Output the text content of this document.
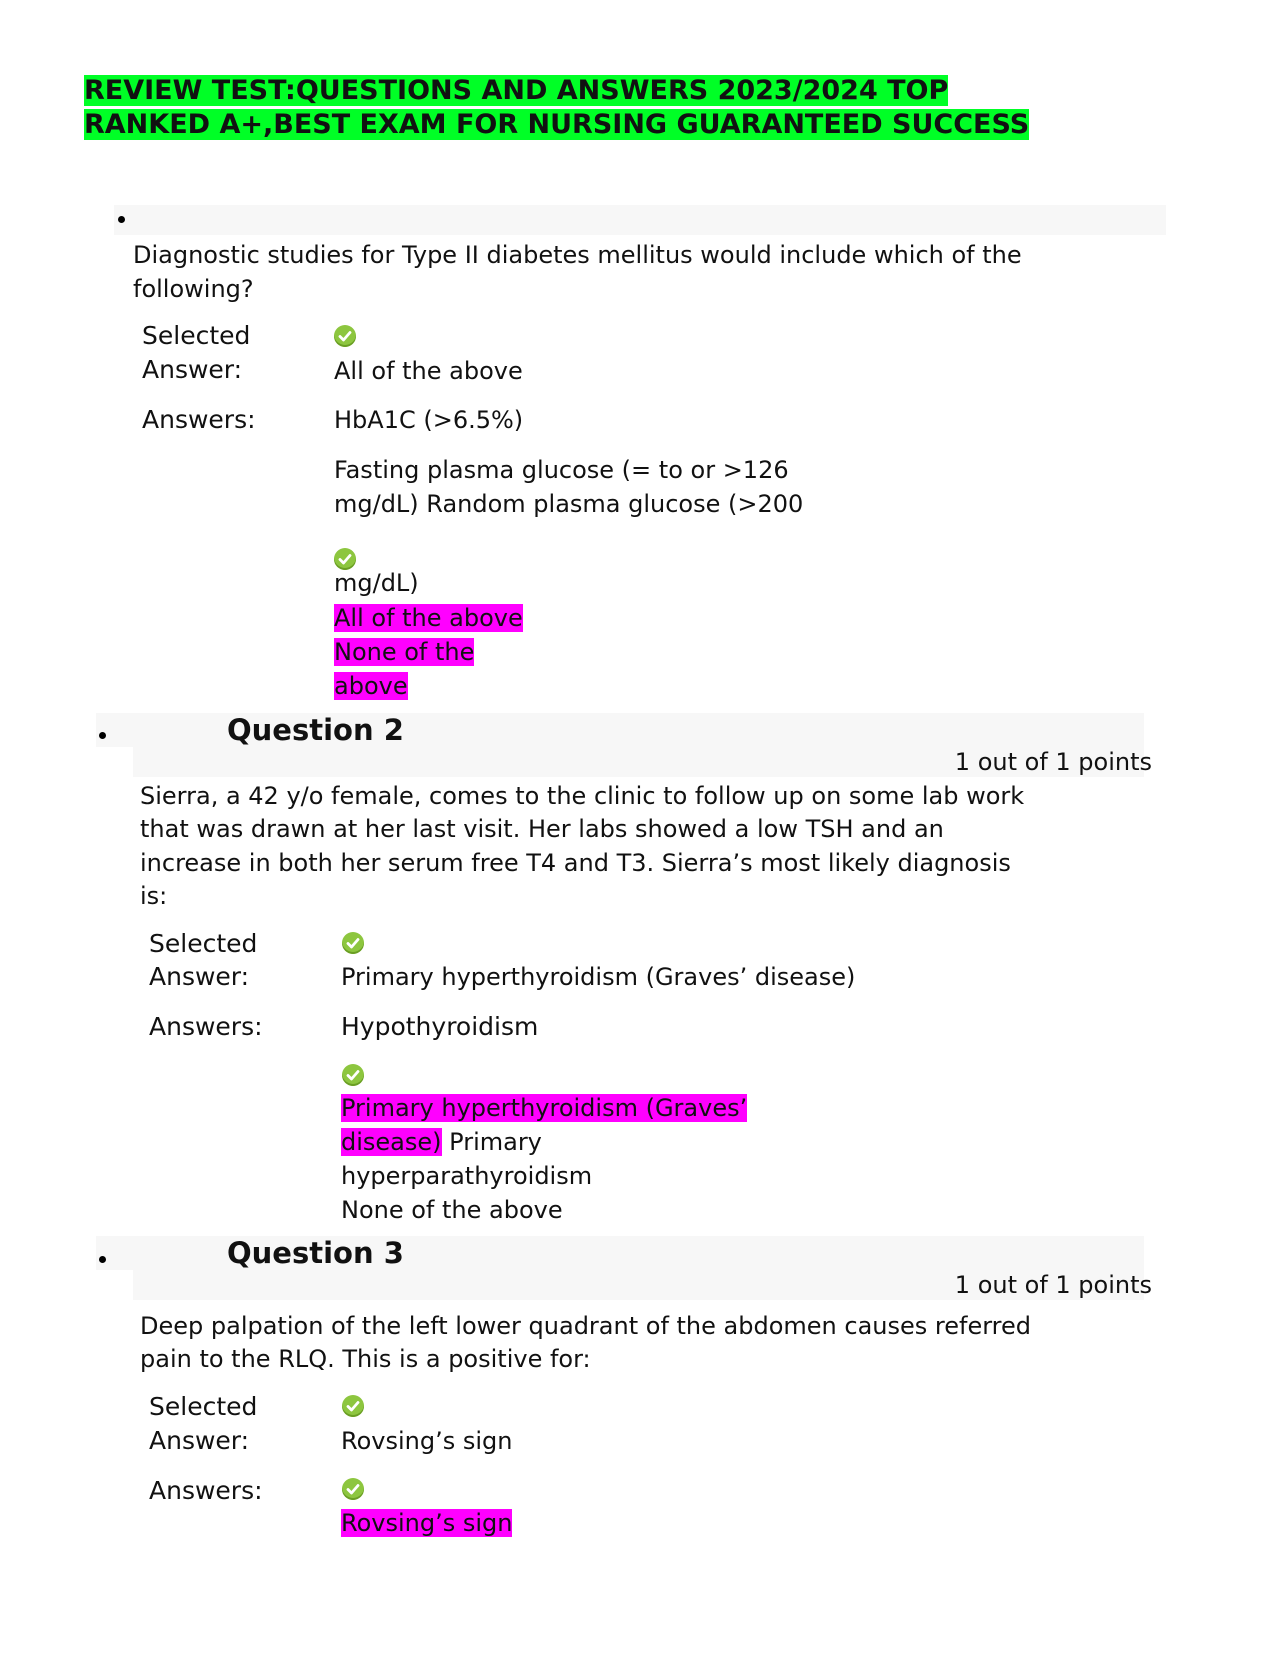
REVIEW TEST:QUESTIONS AND ANSWERS 2023/2024 TOP
RANKED A+,BEST EXAM FOR NURSING GUARANTEED SUCCESS
Diagnostic studies for Type II diabetes mellitus would include which of the
following?
Selected
Answer:	All of the above
Answers:	HbA1C (>6.5%)
Fasting plasma glucose (= to or >126
mg/dL) Random plasma glucose (>200
mg/dL)
All of the above
None of the
above
Question 2
1 out of 1 points
Sierra, a 42 y/o female, comes to the clinic to follow up on some lab work
that was drawn at her last visit. Her labs showed a low TSH and an
increase in both her serum free T4 and T3. Sierra’s most likely diagnosis
is:
Selected
Answer:	Primary hyperthyroidism (Graves’ disease)
Answers:	Hypothyroidism
Primary hyperthyroidism (Graves’
disease) Primary
hyperparathyroidism
None of the above
Question 3
1 out of 1 points
Deep palpation of the left lower quadrant of the abdomen causes referred
pain to the RLQ. This is a positive for:
Selected
Answer:	Rovsing’s sign
Answers:
Rovsing’s sign
